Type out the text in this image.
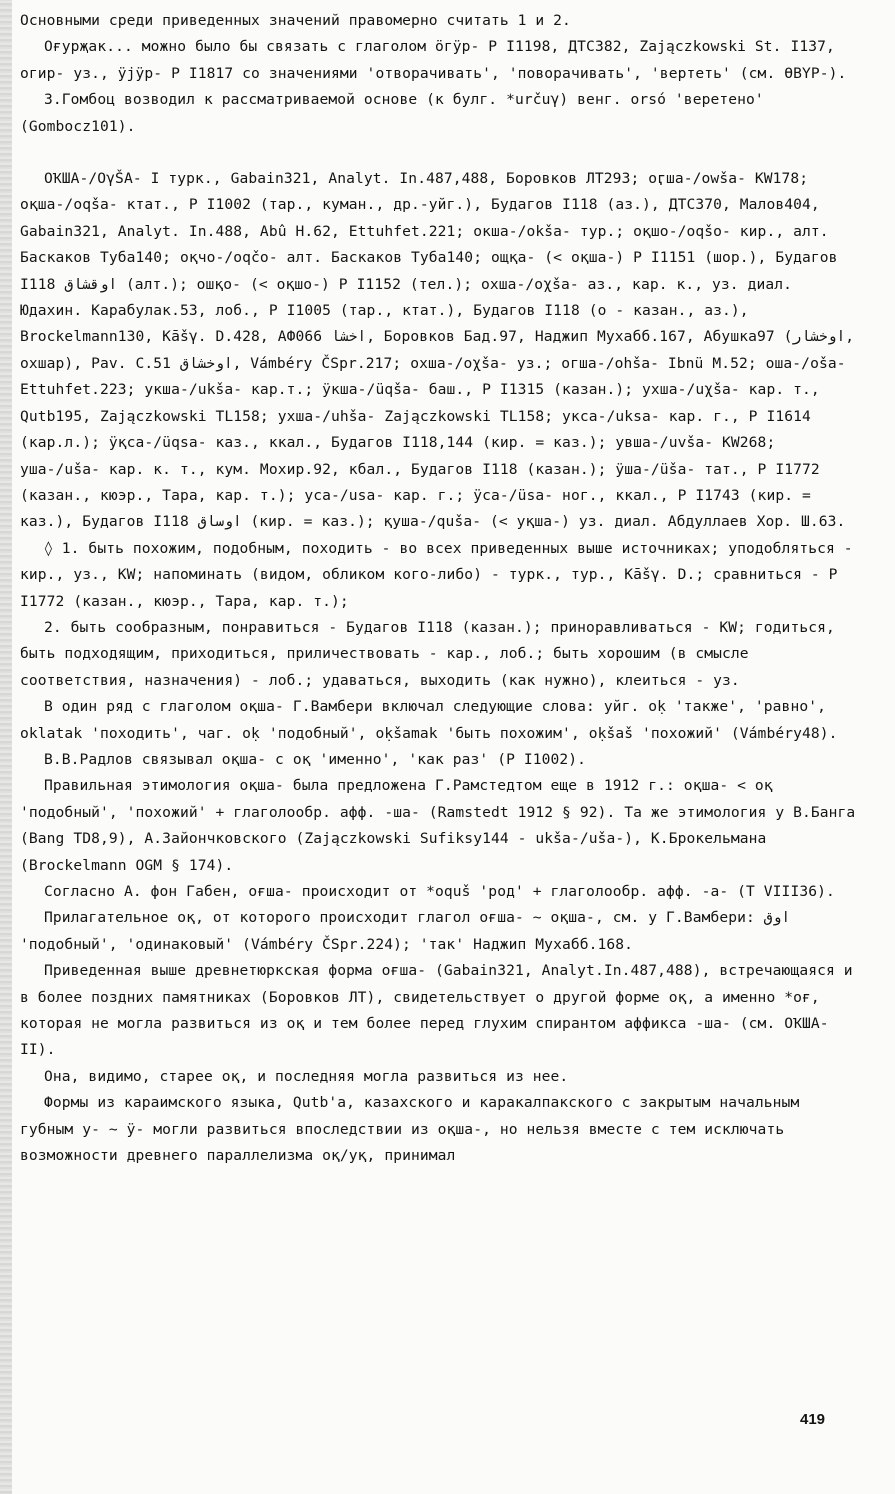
Основными среди приведенных значений правомерно считать 1 и 2.

Оғурҗак... можно было бы связать с глаголом ӧгӱр- Р I1198, ДТС382, Zajączkowski St. I137, огир- уз., ӱјӱр- Р I1817 со значениями 'отворачивать', 'поворачивать', 'вертеть' (см. ӨВҮР-).

З.Гомбоц возводил к рассматриваемой основе (к булг. *určuγ) венг. orsó 'веретено' (Gombocz101).

ОҠША-/OγŠA- I турк., Gabain321, Analyt. In.487,488, Боровков ЛТ293; оӷша-/owša- KW178; оқша-/oqša- ктат., Р I1002 (тар., куман., др.-уйг.), Будагов I118 (аз.), ДТС370, Малов404, Gabain321, Analyt. In.488, Abû H.62, Ettuhfet.221; окша-/okša- тур.; оқшо-/oqšo- кир., алт. Баскаков Туба140; оқчо-/oqčo- алт. Баскаков Туба140; ощқа- (< оқша-) Р I1151 (шор.), Будагов I118 اوقشاق (алт.); ошқо- (< оқшо-) Р I1152 (тел.); охша-/oχša- аз., кар. к., уз. диал. Юдахин. Карабулак.53, лоб., Р I1005 (тар., ктат.), Будагов I118 (о - казан., аз.), Brockelmann130, Kāšγ. D.428, АФ066 اخشا, Боровков Бад.97, Наджип Мухабб.167, Абушка97 (اوخشار, охшар), Pav. C.51 اوخشاق, Vámbéry ČSpr.217; охша-/oχša- уз.; огша-/ohša- Ibnü M.52; оша-/oša- Ettuhfet.223; укша-/ukša- кар.т.; ӱкша-/üqša- баш., Р I1315 (казан.); ухша-/uχša- кар. т., Qutb195, Zajączkowski TL158; ухша-/uhša- Zajączkowski TL158; укса-/uksa- кар. г., Р I1614 (кар.л.); ӱқса-/üqsa- каз., ккал., Будагов I118,144 (кир. = каз.); увша-/uvša- KW268; уша-/uša- кар. к. т., кум. Мохир.92, кбал., Будагов I118 (казан.); ӱша-/üša- тат., Р I1772 (казан., кюэр., Тара, кар. т.); уса-/usa- кар. г.; ӱса-/üsa- ног., ккал., Р I1743 (кир. = каз.), Будагов I118 اوساق (кир. = каз.); қуша-/quša- (< уқша-) уз. диал. Абдуллаев Хор. Ш.63.

◊ 1. быть похожим, подобным, походить - во всех приведенных выше источниках; уподобляться - кир., уз., KW; напоминать (видом, обликом кого-либо) - турк., тур., Kāšγ. D.; сравниться - Р I1772 (казан., кюэр., Тара, кар. т.);

2. быть сообразным, понравиться - Будагов I118 (казан.); приноравливаться - KW; годиться, быть подходящим, приходиться, приличествовать - кар., лоб.; быть хорошим (в смысле соответствия, назначения) - лоб.; удаваться, выходить (как нужно), клеиться - уз.

В один ряд с глаголом оқша- Г.Вамбери включал следующие слова: уйг. oḳ 'также', 'равно', oklatak 'походить', чаг. oḳ 'подобный', oḳšamak 'быть похожим', oḳšaš 'похожий' (Vámbéry48).

В.В.Радлов связывал оқша- с оқ 'именно', 'как раз' (Р I1002).

Правильная этимология оқша- была предложена Г.Рамстедтом еще в 1912 г.: оқша- < оқ 'подобный', 'похожий' + глаголообр. афф. -ша- (Ramstedt 1912 § 92). Та же этимология у В.Банга (Bang TD8,9), А.Зайончковского (Zajączkowski Sufiksy144 - ukša-/uša-), К.Брокельмана (Brockelmann OGM § 174).

Согласно А. фон Габен, оғша- происходит от *oquš 'род' + глаголообр. афф. -а- (T VIII36).

Прилагательное оқ, от которого происходит глагол оғша- ~ оқша-, см. у Г.Вамбери: اوق 'подобный', 'одинаковый' (Vámbéry ČSpr.224); 'так' Наджип Мухабб.168.

Приведенная выше древнетюркская форма оғша- (Gabain321, Analyt.In.487,488), встречающаяся и в более поздних памятниках (Боровков ЛТ), свидетельствует о другой форме оқ, а именно *оғ, которая не могла развиться из оқ и тем более перед глухим спирантом аффикса -ша- (см. ОҠША- II).

Она, видимо, старее оқ, и последняя могла развиться из нее.

Формы из караимского языка, Qutb'a, казахского и каракалпакского с закрытым начальным губным у- ~ ӱ- могли развиться впоследствии из оқша-, но нельзя вместе с тем исключать возможности древнего параллелизма оқ/уқ, принимал

419
